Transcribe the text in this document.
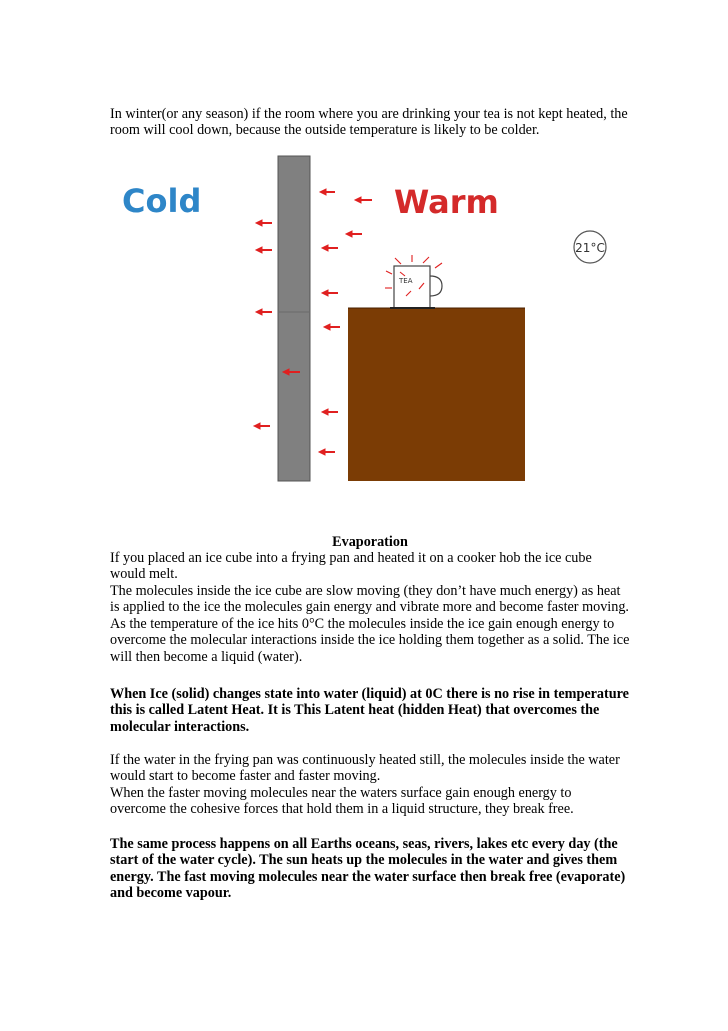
In winter(or any season) if the room where you are drinking your tea is not kept heated, the room will cool down, because the outside temperature is likely to be colder.
Cold	Warm
TEA
21°C
Evaporation
If you placed an ice cube into a frying pan and heated it on a cooker hob the ice cube would melt.
The molecules inside the ice cube are slow moving (they don’t have much energy) as heat is applied to the ice the molecules gain energy and vibrate more and become faster moving. As the temperature of the ice hits 0°C the molecules inside the ice gain enough energy to overcome the molecular interactions inside the ice holding them together as a solid. The ice will then become a liquid (water).
When Ice (solid) changes state into water (liquid) at 0C there is no rise in temperature this is called Latent Heat. It is This Latent heat (hidden Heat) that overcomes the molecular interactions.
If the water in the frying pan was continuously heated still, the molecules inside the water would start to become faster and faster moving.
When the faster moving molecules near the waters surface gain enough energy to overcome the cohesive forces that hold them in a liquid structure, they break free.
The same process happens on all Earths oceans, seas, rivers, lakes etc every day (the start of the water cycle). The sun heats up the molecules in the water and gives them energy. The fast moving molecules near the water surface then break free (evaporate) and become vapour.
